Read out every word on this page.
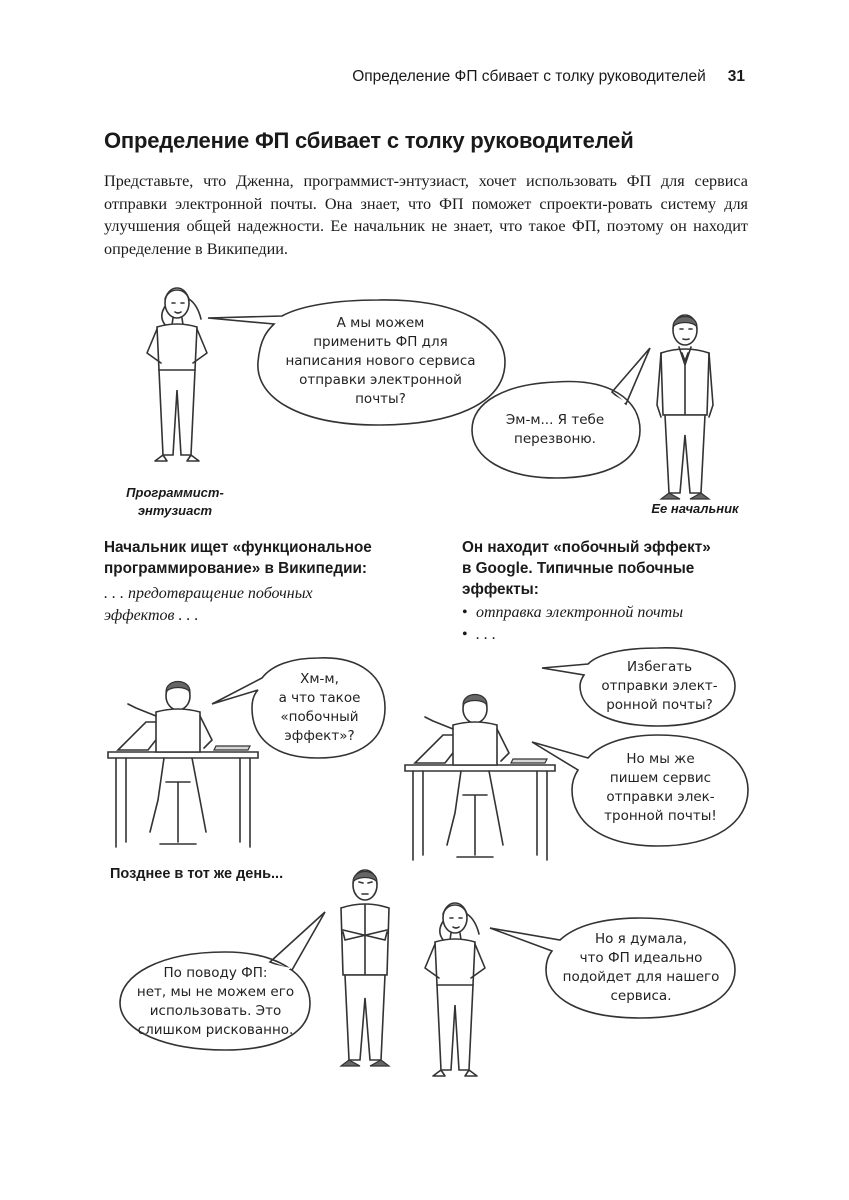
Определение ФП сбивает с толку руководителей 31
Определение ФП сбивает с толку руководителей

Представьте, что Дженна, программист-энтузиаст, хочет использовать ФП для сервиса отправки электронной почты. Она знает, что ФП поможет спроекти-ровать систему для улучшения общей надежности. Ее начальник не знает, что такое ФП, поэтому он находит определение в Википедии.

А мы можем
применить ФП для
написания нового сервиса
отправки электронной
почты?
Эм-м... Я тебе
перезвоню.
Программист-
энтузиаст	Ее начальник

Начальник ищет «функциональное
программирование» в Википедии:

. . . предотвращение побочных
эффектов . . .

Он находит «побочный эффект»
в Google. Типичные побочные
эффекты:

• отправка электронной почты
• . . .
Хм-м,
а что такое
«побочный
эффект»?
Избегать
отправки элект-
ронной почты?
Но мы же
пишем сервис
отправки элек-
тронной почты!

Позднее в тот же день...

По поводу ФП:
нет, мы не можем его
использовать. Это
слишком рискованно.
Но я думала,
что ФП идеально
подойдет для нашего
сервиса.
